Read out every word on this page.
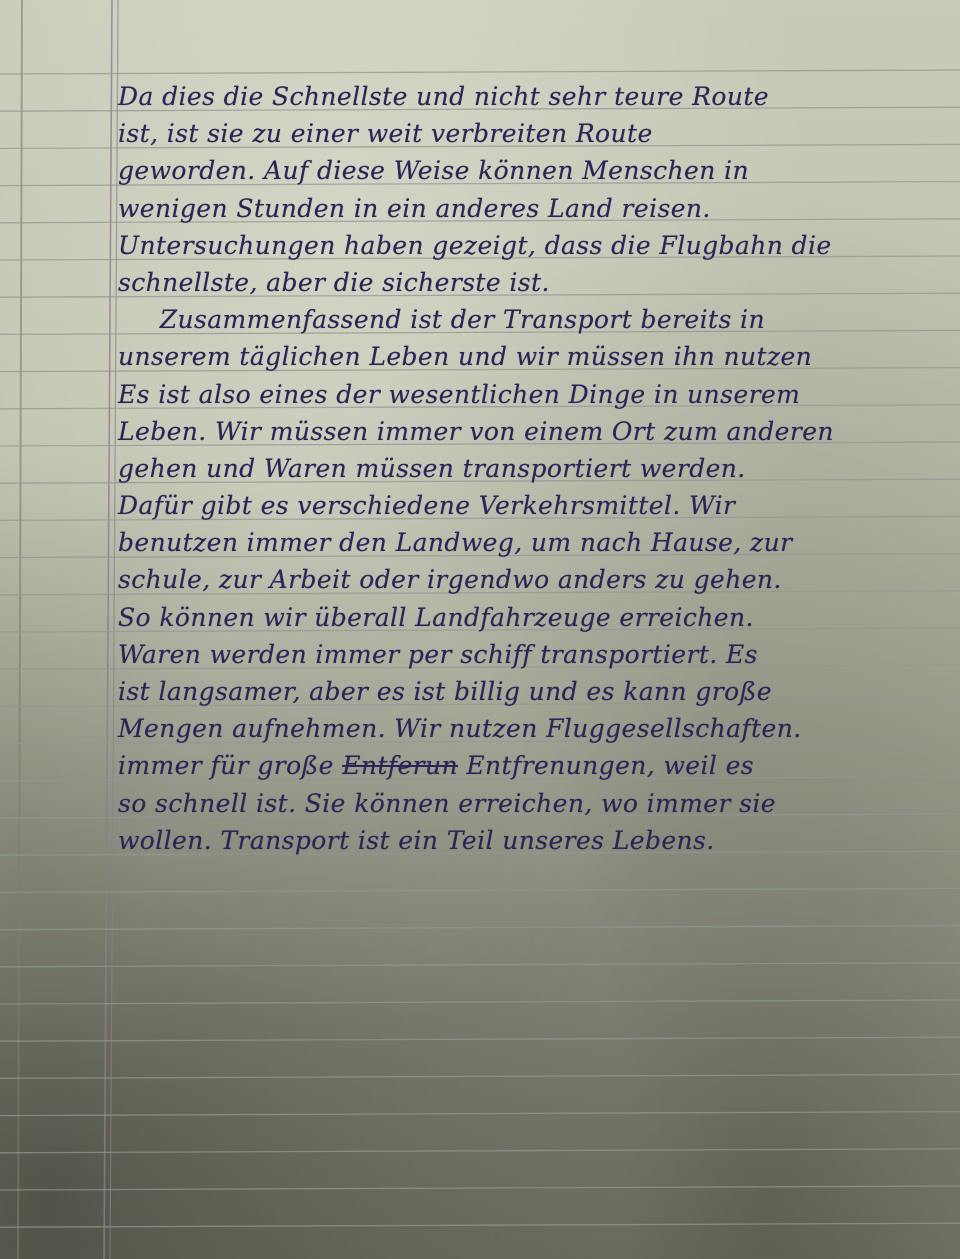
Da dies die Schnellste und nicht sehr teure Route
ist, ist sie zu einer weit verbreiten Route
geworden. Auf diese Weise können Menschen in
wenigen Stunden in ein anderes Land reisen.
Untersuchungen haben gezeigt, dass die Flugbahn die
schnellste, aber die sicherste ist.
Zusammenfassend ist der Transport bereits in
unserem täglichen Leben und wir müssen ihn nutzen
Es ist also eines der wesentlichen Dinge in unserem
Leben. Wir müssen immer von einem Ort zum anderen
gehen und Waren müssen transportiert werden.
Dafür gibt es verschiedene Verkehrsmittel. Wir
benutzen immer den Landweg, um nach Hause, zur
schule, zur Arbeit oder irgendwo anders zu gehen.
So können wir überall Landfahrzeuge erreichen.
Waren werden immer per schiff transportiert. Es
ist langsamer, aber es ist billig und es kann große
Mengen aufnehmen. Wir nutzen Fluggesellschaften.
immer für große Entferun Entfrenungen, weil es
so schnell ist. Sie können erreichen, wo immer sie
wollen. Transport ist ein Teil unseres Lebens.
